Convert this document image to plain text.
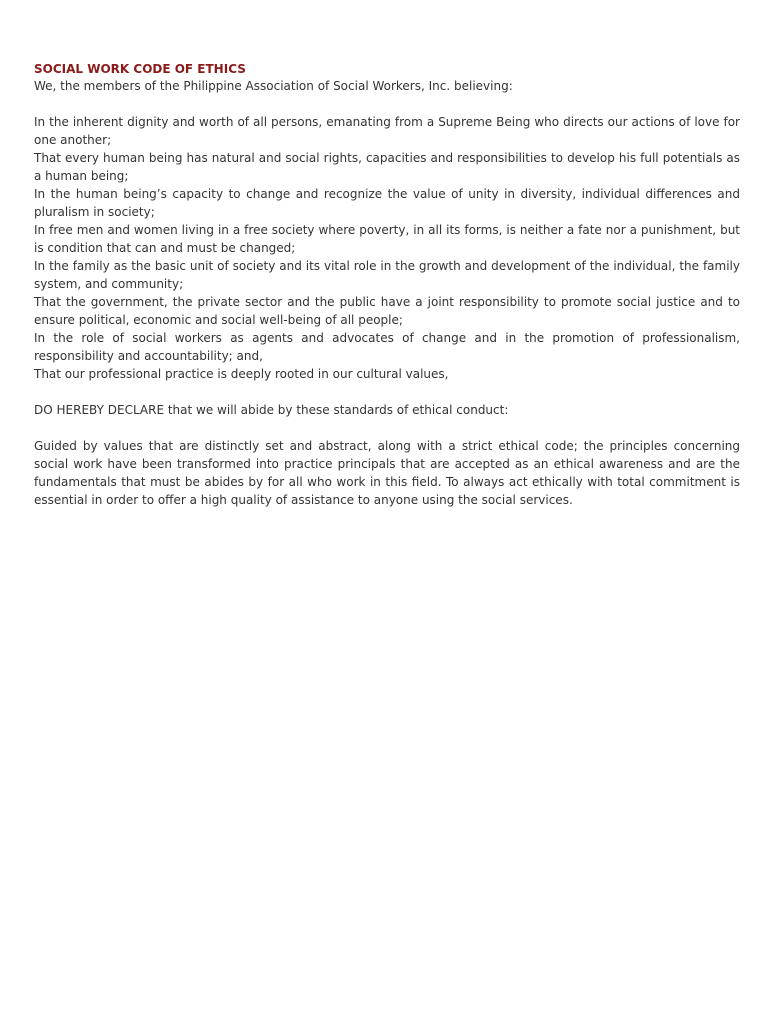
SOCIAL WORK CODE OF ETHICS

We, the members of the Philippine Association of Social Workers, Inc. believing:

In the inherent dignity and worth of all persons, emanating from a Supreme Being who directs our actions of love for one another;
That every human being has natural and social rights, capacities and responsibilities to develop his full potentials as a human being;
In the human being’s capacity to change and recognize the value of unity in diversity, individual differences and pluralism in society;
In free men and women living in a free society where poverty, in all its forms, is neither a fate nor a punishment, but is condition that can and must be changed;
In the family as the basic unit of society and its vital role in the growth and development of the individual, the family system, and community;
That the government, the private sector and the public have a joint responsibility to promote social justice and to ensure political, economic and social well-being of all people;
In the role of social workers as agents and advocates of change and in the promotion of professionalism, responsibility and accountability; and,
That our professional practice is deeply rooted in our cultural values,

DO HEREBY DECLARE that we will abide by these standards of ethical conduct:

Guided by values that are distinctly set and abstract, along with a strict ethical code; the principles concerning social work have been transformed into practice principals that are accepted as an ethical awareness and are the fundamentals that must be abides by for all who work in this field. To always act ethically with total commitment is essential in order to offer a high quality of assistance to anyone using the social services.
